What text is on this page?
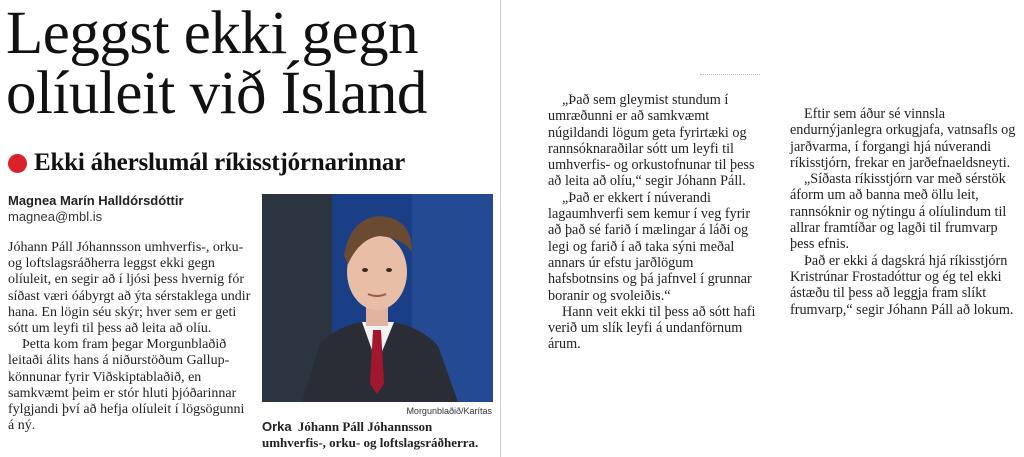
Leggst ekki gegn
olíuleit við Ísland
Ekki áherslumál ríkisstjórnarinnar
Magnea Marín Halldórsdóttir
magnea@mbl.is

Jóhann Páll Jóhannsson umhverfis-, orku- og loftslagsráðherra leggst ekki gegn olíuleit, en segir að í ljósi þess hvernig fór síðast væri óábyrgt að ýta sérstaklega undir hana. En lögin séu skýr; hver sem er geti sótt um leyfi til þess að leita að olíu.

Þetta kom fram þegar Morgunblaðið leitaði álits hans á niðurstöðum Gallup-könnunar fyrir Viðskiptablaðið, en samkvæmt þeim er stór hluti þjóðarinnar fylgjandi því að hefja olíuleit í lögsögunni á ný.

Morgunblaðið/Karítas

Orka Jóhann Páll Jóhannsson umhverfis-, orku- og loftslagsráðherra.

„Það sem gleymist stundum í umræðunni er að samkvæmt núgildandi lögum geta fyrirtæki og rannsóknaraðilar sótt um leyfi til umhverfis- og orkustofnunar til þess að leita að olíu,“ segir Jóhann Páll.

„Það er ekkert í núverandi lagaumhverfi sem kemur í veg fyrir að það sé farið í mælingar á láði og legi og farið í að taka sýni meðal annars úr efstu jarðlögum hafsbotnsins og þá jafnvel í grunnar boranir og svoleiðis.“

Hann veit ekki til þess að sótt hafi verið um slík leyfi á undanförnum árum.

Eftir sem áður sé vinnsla endurnýjanlegra orkugjafa, vatnsafls og jarðvarma, í forgangi hjá núverandi ríkisstjórn, frekar en jarðefnaeldsneyti.

„Síðasta ríkisstjórn var með sérstök áform um að banna með öllu leit, rannsóknir og nýtingu á olíulindum til allrar framtíðar og lagði til frumvarp þess efnis.

Það er ekki á dagskrá hjá ríkisstjórn Kristrúnar Frostadóttur og ég tel ekki ástæðu til þess að leggja fram slíkt frumvarp,“ segir Jóhann Páll að lokum.
